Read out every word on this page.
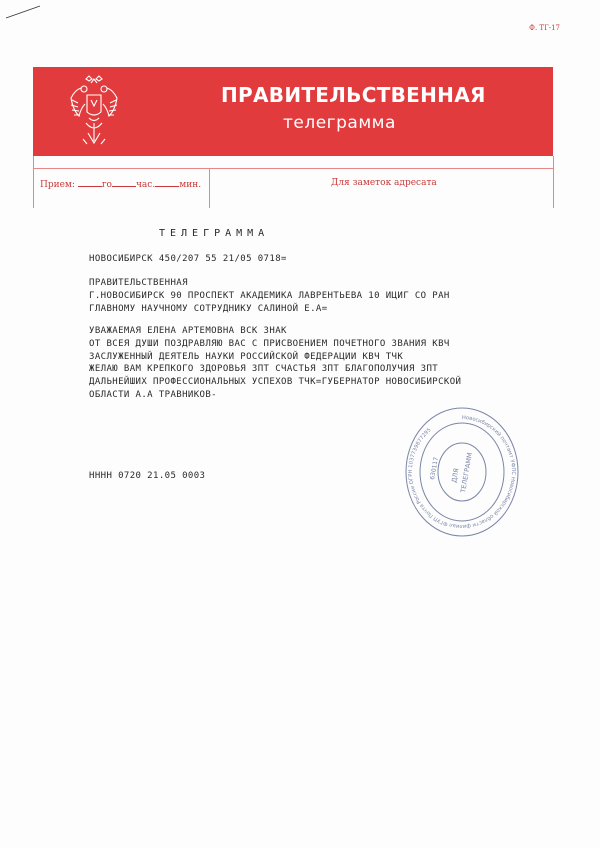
Ф. ТГ-17
ПРАВИТЕЛЬСТВЕННАЯ
телеграмма
Прием:	го	час.	мин.	Для заметок адресата
ТЕЛЕГРАММА
НОВОСИБИРСК 450/207 55 21/05 0718=
ПРАВИТЕЛЬСТВЕННАЯ
Г.НОВОСИБИРСК 90 ПРОСПЕКТ АКАДЕМИКА ЛАВРЕНТЬЕВА 10 ИЦИГ СО РАН
ГЛАВНОМУ НАУЧНОМУ СОТРУДНИКУ САЛИНОЙ Е.А=
УВАЖАЕМАЯ ЕЛЕНА АРТЕМОВНА ВСК ЗНАК
ОТ ВСЕЯ ДУШИ ПОЗДРАВЛЯЮ ВАС С ПРИСВОЕНИЕМ ПОЧЕТНОГО ЗВАНИЯ КВЧ
ЗАСЛУЖЕННЫЙ ДЕЯТЕЛЬ НАУКИ РОССИЙСКОЙ ФЕДЕРАЦИИ КВЧ ТЧК
ЖЕЛАЮ ВАМ КРЕПКОГО ЗДОРОВЬЯ ЗПТ СЧАСТЬЯ ЗПТ БЛАГОПОЛУЧИЯ ЗПТ
ДАЛЬНЕЙШИХ ПРОФЕССИОНАЛЬНЫХ УСПЕХОВ ТЧК=ГУБЕРНАТОР НОВОСИБИРСКОЙ
ОБЛАСТИ А.А ТРАВНИКОВ-
НННН 0720 21.05 0003
Новосибирский почтамт УФПС Новосибирской области филиал ФГУП Почта России ОГРН 1037739877295
630117 ДЛЯ
ТЕЛЕГРАММ
